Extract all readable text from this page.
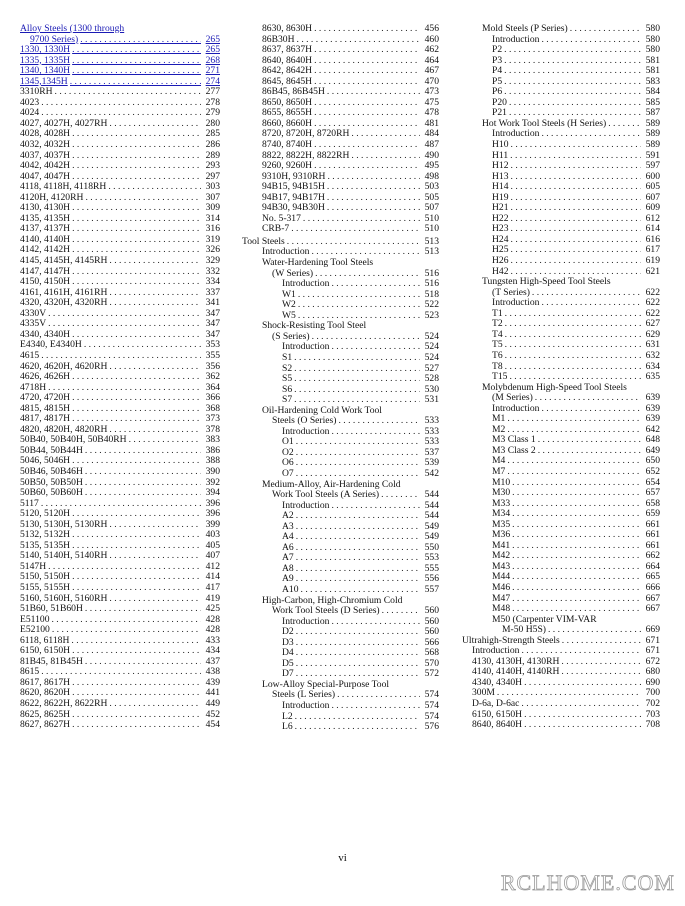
Alloy Steels (1300 through
9700 Series) . . .	265
1330, 1330H . . .	265
1335, 1335H . . .	268
1340, 1340H . . .	271
1345,1345H . . .	274
3310RH . . .	277
4023 . . .	278
4024 . . .	279
4027, 4027H, 4027RH . . .	280
4028, 4028H . . .	285
4032, 4032H . . .	286
4037, 4037H . . .	289
4042, 4042H . . .	293
4047, 4047H . . .	297
4118, 4118H, 4118RH . . .	303
4120H, 4120RH . . .	307
4130, 4130H . . .	309
4135, 4135H . . .	314
4137, 4137H . . .	316
4140, 4140H . . .	319
4142, 4142H . . .	326
4145, 4145H, 4145RH . . .	329
4147, 4147H . . .	332
4150, 4150H . . .	334
4161, 4161H, 4161RH . . .	337
4320, 4320H, 4320RH . . .	341
4330V . . .	347
4335V . . .	347
4340, 4340H . . .	347
E4340, E4340H . . .	353
4615 . . .	355
4620, 4620H, 4620RH . . .	356
4626, 4626H . . .	362
4718H . . .	364
4720, 4720H . . .	366
4815, 4815H . . .	368
4817, 4817H . . .	373
4820, 4820H, 4820RH . . .	378
50B40, 50B40H, 50B40RH . . .	383
50B44, 50B44H . . .	386
5046, 5046H . . .	388
50B46, 50B46H . . .	390
50B50, 50B50H . . .	392
50B60, 50B60H . . .	394
5117 . . .	396
5120, 5120H . . .	396
5130, 5130H, 5130RH . . .	399
5132, 5132H . . .	403
5135, 5135H . . .	405
5140, 5140H, 5140RH . . .	407
5147H . . .	412
5150, 5150H . . .	414
5155, 5155H . . .	417
5160, 5160H, 5160RH . . .	419
51B60, 51B60H . . .	425
E51100 . . .	428
E52100 . . .	428
6118, 6118H . . .	433
6150, 6150H . . .	434
81B45, 81B45H . . .	437
8615 . . .	438
8617, 8617H . . .	439
8620, 8620H . . .	441
8622, 8622H, 8622RH . . .	449
8625, 8625H . . .	452
8627, 8627H . . .	454
8630, 8630H . . .	456
86B30H . . .	460
8637, 8637H . . .	462
8640, 8640H . . .	464
8642, 8642H . . .	467
8645, 8645H . . .	470
86B45, 86B45H . . .	473
8650, 8650H . . .	475
8655, 8655H . . .	478
8660, 8660H . . .	481
8720, 8720H, 8720RH . . .	484
8740, 8740H . . .	487
8822, 8822H, 8822RH . . .	490
9260, 9260H . . .	495
9310H, 9310RH . . .	498
94B15, 94B15H . . .	503
94B17, 94B17H . . .	505
94B30, 94B30H . . .	507
No. 5-317 . . .	510
CRB-7 . . .	510
Tool Steels . . .	513
Introduction . . .	513
Water-Hardening Tool Steels
(W Series) . . .	516
Introduction . . .	516
W1 . . .	518
W2 . . .	522
W5 . . .	523
Shock-Resisting Tool Steel
(S Series) . . .	524
Introduction . . .	524
S1 . . .	524
S2 . . .	527
S5 . . .	528
S6 . . .	530
S7 . . .	531
Oil-Hardening Cold Work Tool
Steels (O Series) . . .	533
Introduction . . .	533
O1 . . .	533
O2 . . .	537
O6 . . .	539
O7 . . .	542
Medium-Alloy, Air-Hardening Cold
Work Tool Steels (A Series) . . .	544
Introduction . . .	544
A2 . . .	544
A3 . . .	549
A4 . . .	549
A6 . . .	550
A7 . . .	553
A8 . . .	555
A9 . . .	556
A10 . . .	557
High-Carbon, High-Chromium Cold
Work Tool Steels (D Series) . . .	560
Introduction . . .	560
D2 . . .	560
D3 . . .	566
D4 . . .	568
D5 . . .	570
D7 . . .	572
Low-Alloy Special-Purpose Tool
Steels (L Series) . . .	574
Introduction . . .	574
L2 . . .	574
L6 . . .	576
Mold Steels (P Series) . . .	580
Introduction . . .	580
P2 . . .	580
P3 . . .	581
P4 . . .	581
P5 . . .	583
P6 . . .	584
P20 . . .	585
P21 . . .	587
Hot Work Tool Steels (H Series) . . .	589
Introduction . . .	589
H10 . . .	589
H11 . . .	591
H12 . . .	597
H13 . . .	600
H14 . . .	605
H19 . . .	607
H21 . . .	609
H22 . . .	612
H23 . . .	614
H24 . . .	616
H25 . . .	617
H26 . . .	619
H42 . . .	621
Tungsten High-Speed Tool Steels
(T Series) . . .	622
Introduction . . .	622
T1 . . .	622
T2 . . .	627
T4 . . .	629
T5 . . .	631
T6 . . .	632
T8 . . .	634
T15 . . .	635
Molybdenum High-Speed Tool Steels
(M Series) . . .	639
Introduction . . .	639
M1 . . .	639
M2 . . .	642
M3 Class 1 . . .	648
M3 Class 2 . . .	649
M4 . . .	650
M7 . . .	652
M10 . . .	654
M30 . . .	657
M33 . . .	658
M34 . . .	659
M35 . . .	661
M36 . . .	661
M41 . . .	661
M42 . . .	662
M43 . . .	664
M44 . . .	665
M46 . . .	666
M47 . . .	667
M48 . . .	667
M50 (Carpenter VIM-VAR
M-50 H5S) . . .	669
Ultrahigh-Strength Steels . . .	671
Introduction . . .	671
4130, 4130H, 4130RH . . .	672
4140, 4140H, 4140RH . . .	680
4340, 4340H . . .	690
300M . . .	700
D-6a, D-6ac . . .	702
6150, 6150H . . .	703
8640, 8640H . . .	708
vi
RCLHOME.COM
